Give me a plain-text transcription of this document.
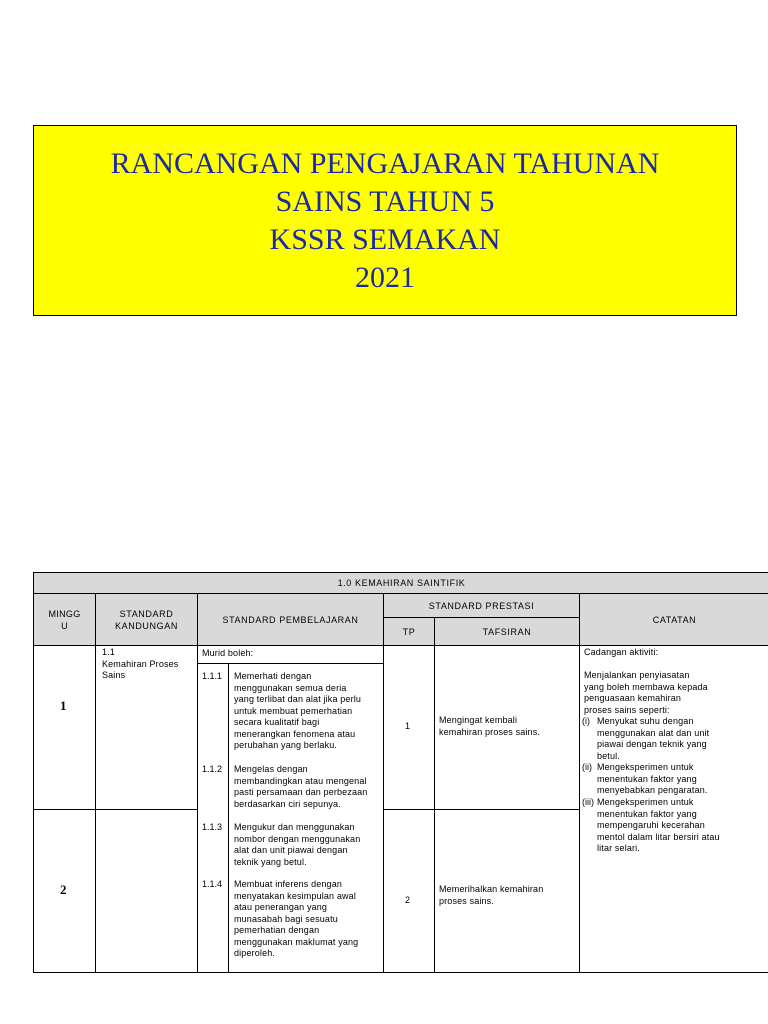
RANCANGAN PENGAJARAN TAHUNAN
SAINS TAHUN 5
KSSR SEMAKAN
2021
1.0 KEMAHIRAN SAINTIFIK
MINGG
U
STANDARD
KANDUNGAN
STANDARD PEMBELAJARAN
STANDARD PRESTASI
TP	TAFSIRAN
CATATAN
1
2
1.1
Kemahiran Proses
Sains
Murid boleh:
1.1.1 Memerhati dengan
menggunakan semua deria
yang terlibat dan alat jika perlu
untuk membuat pemerhatian
secara kualitatif bagi
menerangkan fenomena atau
perubahan yang berlaku.
1.1.2 Mengelas dengan
membandingkan atau mengenal
pasti persamaan dan perbezaan
berdasarkan ciri sepunya.
1.1.3 Mengukur dan menggunakan
nombor dengan menggunakan
alat dan unit piawai dengan
teknik yang betul.
1.1.4 Membuat inferens dengan
menyatakan kesimpulan awal
atau penerangan yang
munasabah bagi sesuatu
pemerhatian dengan
menggunakan maklumat yang
diperoleh.
1
Mengingat kembali
kemahiran proses sains.
2
Memerihalkan kemahiran
proses sains.
Cadangan aktiviti:
Menjalankan penyiasatan
yang boleh membawa kepada
penguasaan kemahiran
proses sains seperti:
(i) Menyukat suhu dengan
menggunakan alat dan unit
piawai dengan teknik yang
betul.
(ii) Mengeksperimen untuk
menentukan faktor yang
menyebabkan pengaratan.
(iii) Mengeksperimen untuk
menentukan faktor yang
mempengaruhi kecerahan
mentol dalam litar bersiri atau
litar selari.
